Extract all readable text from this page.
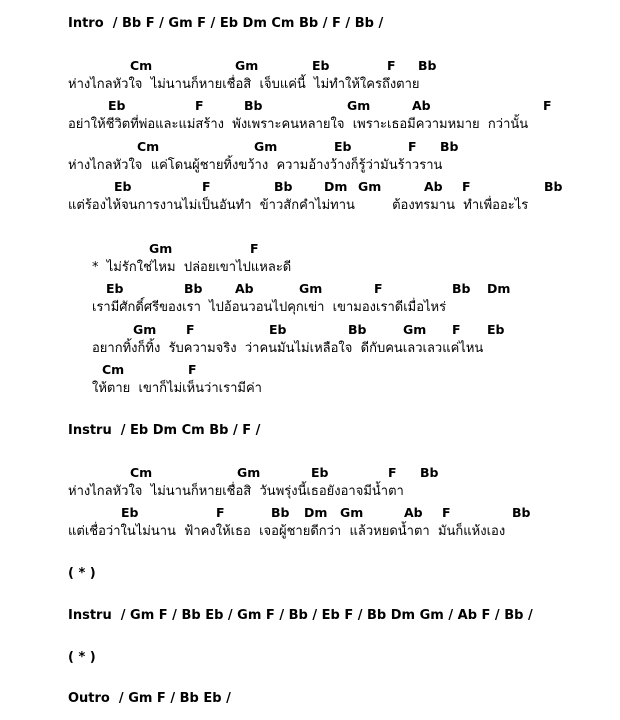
Intro  / Bb F / Gm F / Eb Dm Cm Bb / F / Bb /
Cm	Gm	Eb	F Bb
ห่างไกลหัวใจ  ไม่นานก็หายเชื่อสิ  เจ็บแค่นี้  ไม่ทำให้ใครถึงตาย
Eb	F	Bb	Gm	Ab	F
อย่าให้ชีวิตที่พ่อและแม่สร้าง  พังเพราะคนหลายใจ  เพราะเธอมีความหมาย  กว่านั้น
Cm	Gm	Eb	F Bb
ห่างไกลหัวใจ  แค่โดนผู้ชายทิ้งขว้าง  ความอ้างว้างก็รู้ว่ามันร้าวราน
Eb	F	Bb	Dm Gm	Ab F	Bb
แต่ร้องไห้จนการงานไม่เป็นอันทำ  ข้าวสักคำไม่ทาน         ต้องทรมาน  ทำเพื่ออะไร
Gm	F
*  ไม่รักใช่ไหม  ปล่อยเขาไปแหละดี
Eb	Bb	Ab	Gm	F	Bb Dm
เรามีศักดิ์ศรีของเรา  ไปอ้อนวอนไปคุกเข่า  เขามองเราดีเมื่อไหร่
Gm F	Eb	Bb	Gm F Eb
อยากทิ้งก็ทิ้ง  รับความจริง  ว่าคนมันไม่เหลือใจ  ดีกับคนเลวเลวแค่ไหน
Cm	F
ให้ตาย  เขาก็ไม่เห็นว่าเรามีค่า
Instru  / Eb Dm Cm Bb / F /
Cm	Gm	Eb	F Bb
ห่างไกลหัวใจ  ไม่นานก็หายเชื่อสิ  วันพรุ่งนี้เธอยังอาจมีน้ำตา
Eb	F	Bb Dm Gm	Ab F	Bb
แต่เชื่อว่าในไม่นาน  ฟ้าคงให้เธอ  เจอผู้ชายดีกว่า  แล้วหยดน้ำตา  มันก็แห้งเอง
( * )
Instru  / Gm F / Bb Eb / Gm F / Bb / Eb F / Bb Dm Gm / Ab F / Bb /
( * )
Outro  / Gm F / Bb Eb /
